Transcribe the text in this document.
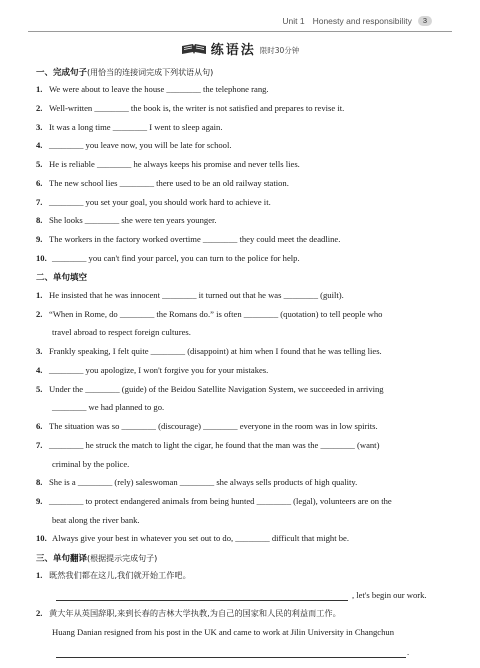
Unit 1 Honesty and responsibility	3
练语法 限时30分钟
一、完成句子(用恰当的连接词完成下列状语从句)
1. We were about to leave the house ________ the telephone rang.
2. Well-written ________ the book is, the writer is not satisfied and prepares to revise it.
3. It was a long time ________ I went to sleep again.
4. ________ you leave now, you will be late for school.
5. He is reliable ________ he always keeps his promise and never tells lies.
6. The new school lies ________ there used to be an old railway station.
7. ________ you set your goal, you should work hard to achieve it.
8. She looks ________ she were ten years younger.
9. The workers in the factory worked overtime ________ they could meet the deadline.
10. ________ you can't find your parcel, you can turn to the police for help.
二、单句填空
1. He insisted that he was innocent ________ it turned out that he was ________ (guilt).
2. “When in Rome, do ________ the Romans do.” is often ________ (quotation) to tell people who
travel abroad to respect foreign cultures.
3. Frankly speaking, I felt quite ________ (disappoint) at him when I found that he was telling lies.
4. ________ you apologize, I won't forgive you for your mistakes.
5. Under the ________ (guide) of the Beidou Satellite Navigation System, we succeeded in arriving
________ we had planned to go.
6. The situation was so ________ (discourage) ________ everyone in the room was in low spirits.
7. ________ he struck the match to light the cigar, he found that the man was the ________ (want)
criminal by the police.
8. She is a ________ (rely) saleswoman ________ she always sells products of high quality.
9. ________ to protect endangered animals from being hunted ________ (legal), volunteers are on the
beat along the river bank.
10. Always give your best in whatever you set out to do, ________ difficult that might be.
三、单句翻译(根据提示完成句子)
1. 既然我们都在这儿,我们就开始工作吧。
, let's begin our work.
2. 黄大年从英国辞职,来到长春的吉林大学执教,为自己的国家和人民的利益而工作。
Huang Danian resigned from his post in the UK and came to work at Jilin University in Changchun
.
